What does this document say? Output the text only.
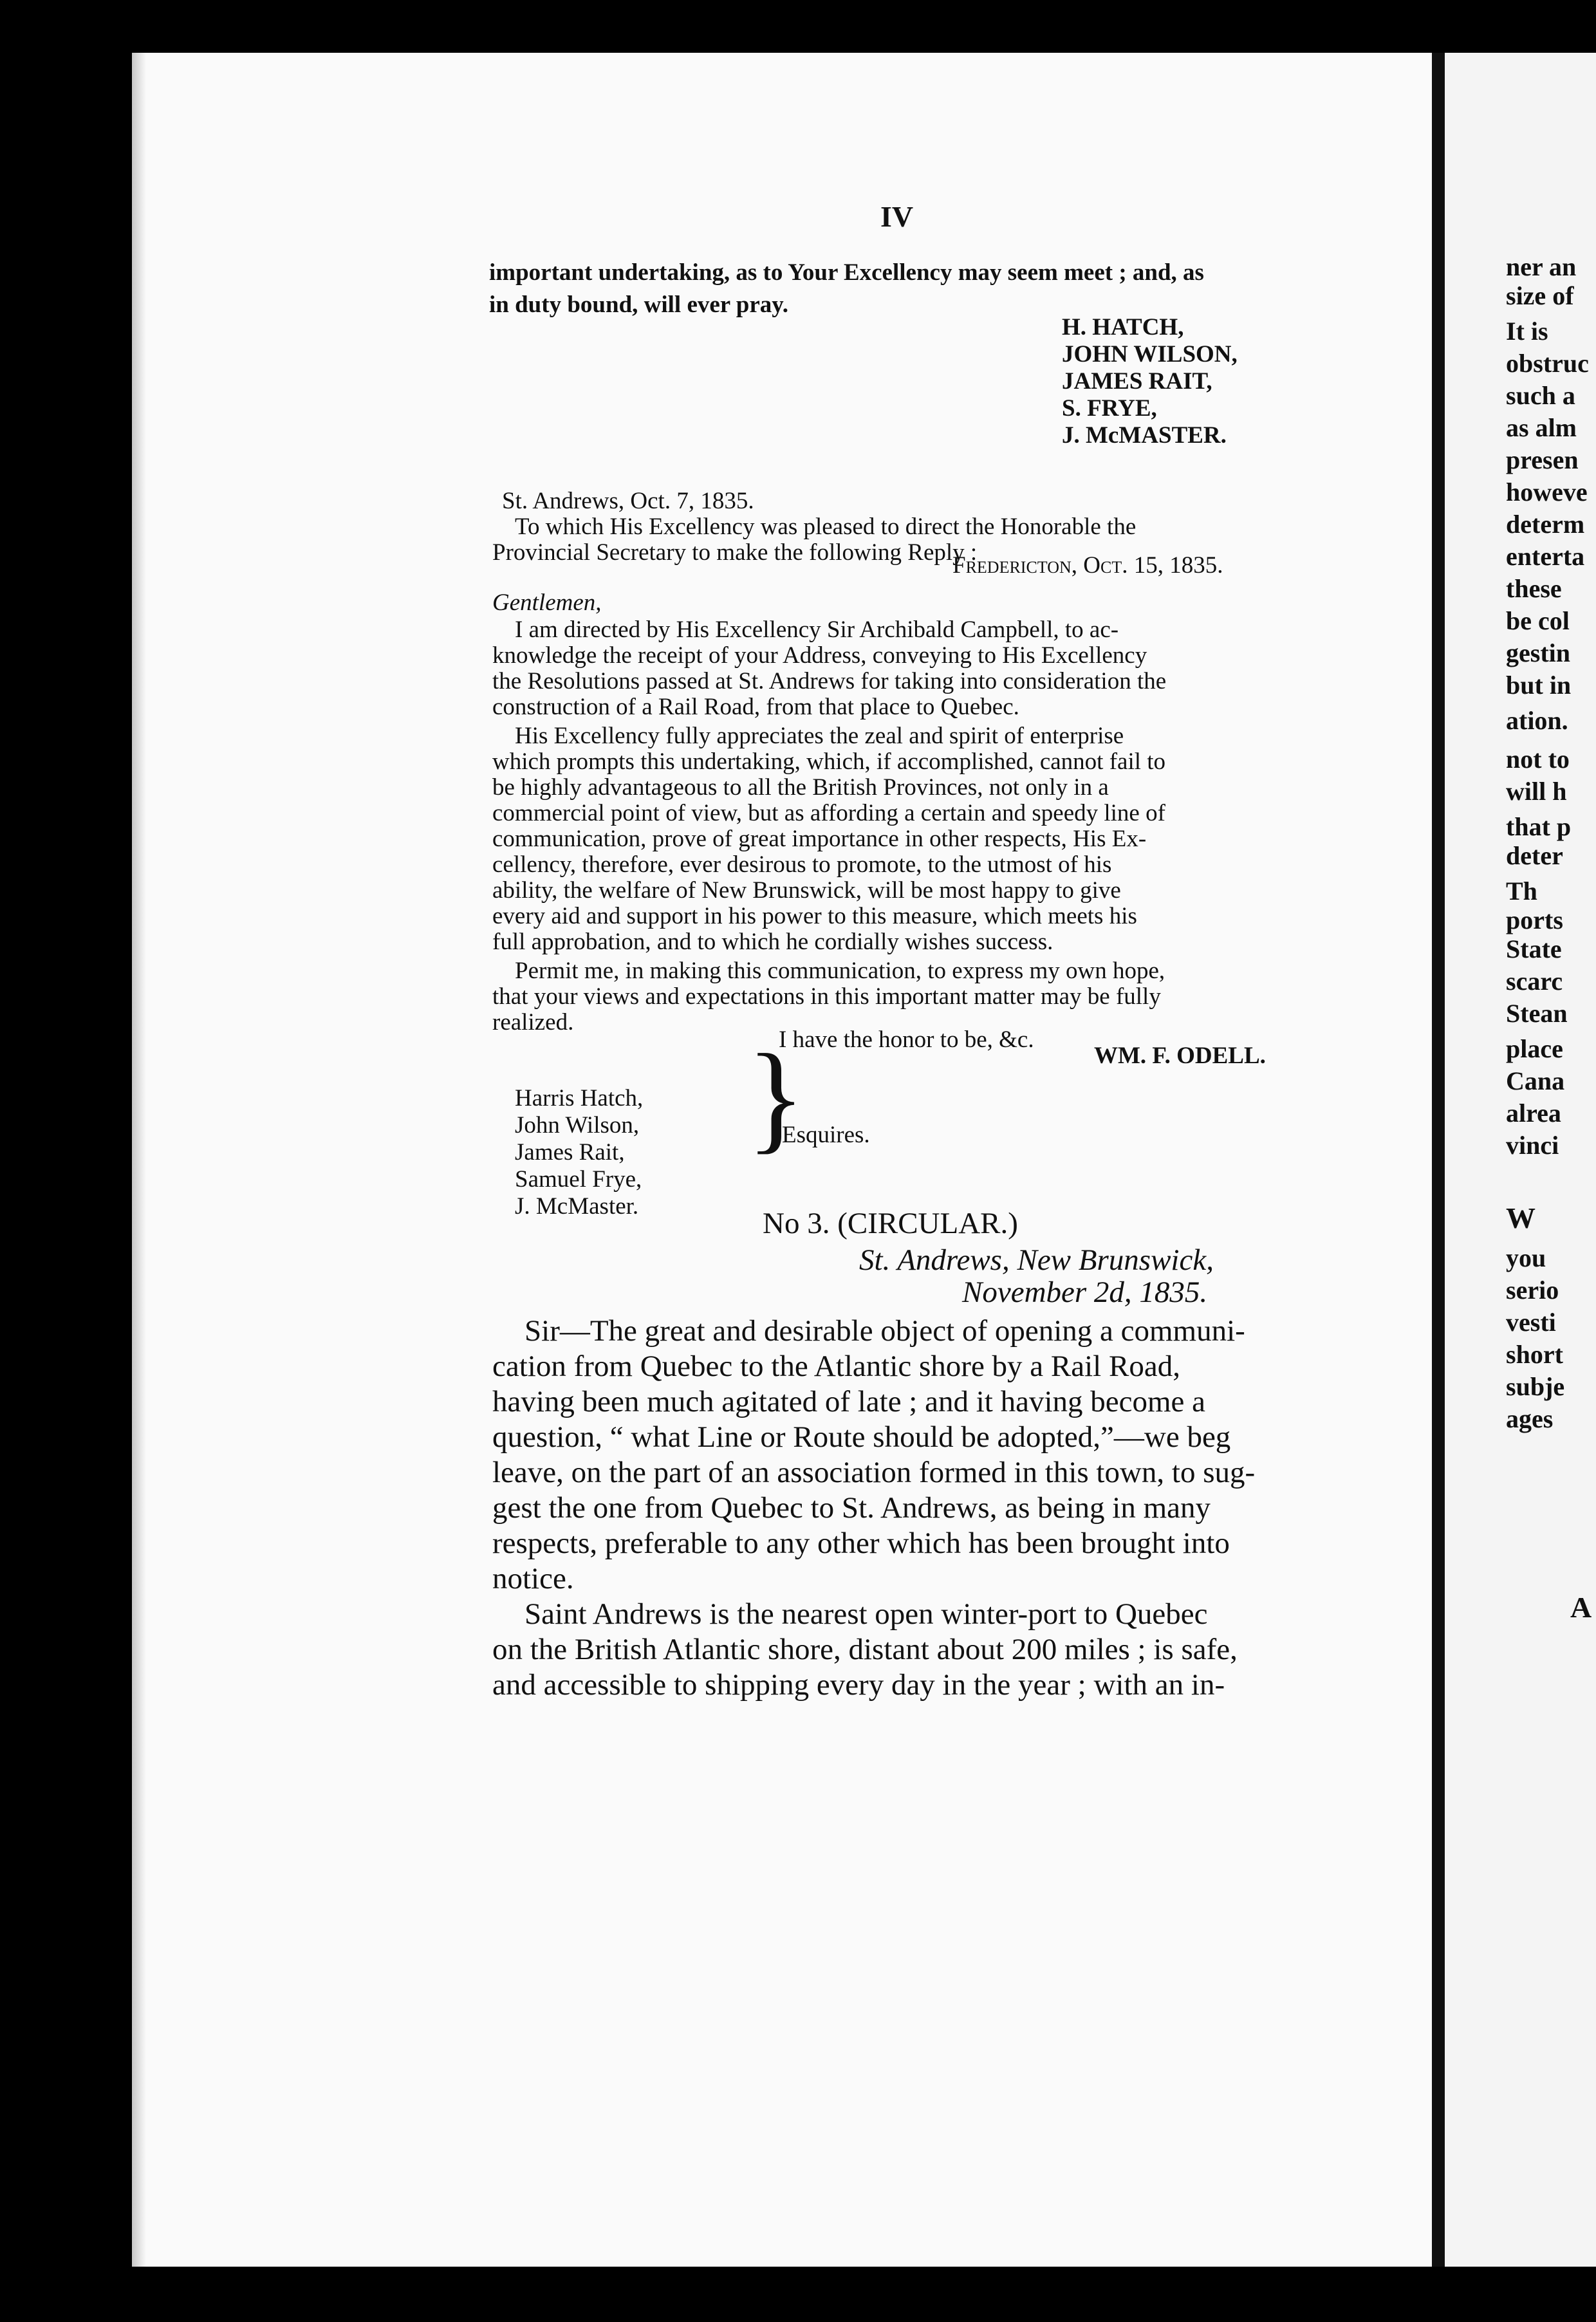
IV
important undertaking, as to Your Excellency may seem meet ; and, as
in duty bound, will ever pray.
H. HATCH,
JOHN WILSON,
JAMES RAIT,
S. FRYE,
J. McMASTER.
St. Andrews, Oct. 7, 1835.
To which His Excellency was pleased to direct the Honorable the
Provincial Secretary to make the following Reply :
Fredericton, Oct. 15, 1835.
Gentlemen,
I am directed by His Excellency Sir Archibald Campbell, to ac-
knowledge the receipt of your Address, conveying to His Excellency
the Resolutions passed at St. Andrews for taking into consideration the
construction of a Rail Road, from that place to Quebec.
His Excellency fully appreciates the zeal and spirit of enterprise
which prompts this undertaking, which, if accomplished, cannot fail to
be highly advantageous to all the British Provinces, not only in a
commercial point of view, but as affording a certain and speedy line of
communication, prove of great importance in other respects, His Ex-
cellency, therefore, ever desirous to promote, to the utmost of his
ability, the welfare of New Brunswick, will be most happy to give
every aid and support in his power to this measure, which meets his
full approbation, and to which he cordially wishes success.
Permit me, in making this communication, to express my own hope,
that your views and expectations in this important matter may be fully
realized.
I have the honor to be, &c.
WM. F. ODELL.
Harris Hatch,
John Wilson,
James Rait,
Samuel Frye,
J. McMaster.
}
Esquires.
No 3. (CIRCULAR.)
St. Andrews, New Brunswick,
November 2d, 1835.
Sir—The great and desirable object of opening a communi-
cation from Quebec to the Atlantic shore by a Rail Road,
having been much agitated of late ; and it having become a
question, “ what Line or Route should be adopted,”—we beg
leave, on the part of an association formed in this town, to sug-
gest the one from Quebec to St. Andrews, as being in many
respects, preferable to any other which has been brought into
notice.
Saint Andrews is the nearest open winter-port to Quebec
on the British Atlantic shore, distant about 200 miles ; is safe,
and accessible to shipping every day in the year ; with an in-
ner an
size of
It is
obstruc
such a
as alm
presen
howeve
determ
enterta
these
be col
gestin
but in
ation.
not to
will h
that p
deter
Th
ports
State
scarc
Stean
place
Cana
alrea
vinci
W
you
serio
vesti
short
subje
ages
A
